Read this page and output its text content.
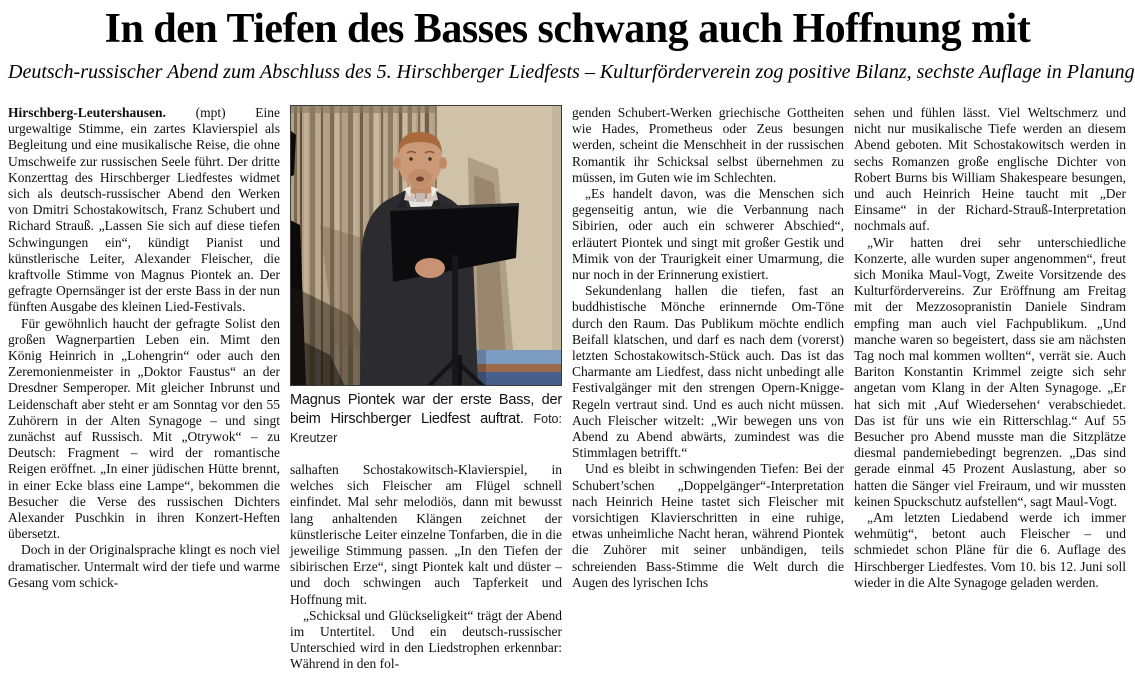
In den Tiefen des Basses schwang auch Hoffnung mit
Deutsch-russischer Abend zum Abschluss des 5. Hirschberger Liedfests – Kulturförderverein zog positive Bilanz, sechste Auflage in Planung

Hirschberg-Leutershausen. (mpt) Eine urgewaltige Stimme, ein zartes Klavierspiel als Begleitung und eine musikalische Reise, die ohne Umschweife zur russischen Seele führt. Der dritte Konzerttag des Hirschberger Liedfestes widmet sich als deutsch-russischer Abend den Werken von Dmitri Schostakowitsch, Franz Schubert und Richard Strauß. „Lassen Sie sich auf diese tiefen Schwingungen ein“, kündigt Pianist und künstlerische Leiter, Alexander Fleischer, die kraftvolle Stimme von Magnus Piontek an. Der gefragte Opernsänger ist der erste Bass in der nun fünften Ausgabe des kleinen Lied-Festivals.

Für gewöhnlich haucht der gefragte Solist den großen Wagnerpartien Leben ein. Mimt den König Heinrich in „Lohengrin“ oder auch den Zeremonienmeister in „Doktor Faustus“ an der Dresdner Semperoper. Mit gleicher Inbrunst und Leidenschaft aber steht er am Sonntag vor den 55 Zuhörern in der Alten Synagoge – und singt zunächst auf Russisch. Mit „Otrywok“ – zu Deutsch: Fragment – wird der romantische Reigen eröffnet. „In einer jüdischen Hütte brennt, in einer Ecke blass eine Lampe“, bekommen die Besucher die Verse des russischen Dichters Alexander Puschkin in ihren Konzert-Heften übersetzt.

Doch in der Originalsprache klingt es noch viel dramatischer. Untermalt wird der tiefe und warme Gesang vom schick-

Magnus Piontek war der erste Bass, der beim Hirschberger Liedfest auftrat. Foto: Kreutzer

salhaften Schostakowitsch-Klavierspiel, in welches sich Fleischer am Flügel schnell einfindet. Mal sehr melodiös, dann mit bewusst lang anhaltenden Klängen zeichnet der künstlerische Leiter einzelne Tonfarben, die in die jeweilige Stimmung passen. „In den Tiefen der sibirischen Erze“, singt Piontek kalt und düster – und doch schwingen auch Tapferkeit und Hoffnung mit.

„Schicksal und Glückseligkeit“ trägt der Abend im Untertitel. Und ein deutsch-russischer Unterschied wird in den Liedstrophen erkennbar: Während in den fol-

genden Schubert-Werken griechische Gottheiten wie Hades, Prometheus oder Zeus besungen werden, scheint die Menschheit in der russischen Romantik ihr Schicksal selbst übernehmen zu müssen, im Guten wie im Schlechten.

„Es handelt davon, was die Menschen sich gegenseitig antun, wie die Verbannung nach Sibirien, oder auch ein schwerer Abschied“, erläutert Piontek und singt mit großer Gestik und Mimik von der Traurigkeit einer Umarmung, die nur noch in der Erinnerung existiert.

Sekundenlang hallen die tiefen, fast an buddhistische Mönche erinnernde Om-Töne durch den Raum. Das Publikum möchte endlich Beifall klatschen, und darf es nach dem (vorerst) letzten Schostakowitsch-Stück auch. Das ist das Charmante am Liedfest, dass nicht unbedingt alle Festivalgänger mit den strengen Opern-Knigge-Regeln vertraut sind. Und es auch nicht müssen. Auch Fleischer witzelt: „Wir bewegen uns von Abend zu Abend abwärts, zumindest was die Stimmlagen betrifft.“

Und es bleibt in schwingenden Tiefen: Bei der Schubert’schen „Doppelgänger“-Interpretation nach Heinrich Heine tastet sich Fleischer mit vorsichtigen Klavierschritten in eine ruhige, etwas unheimliche Nacht heran, während Piontek die Zuhörer mit seiner unbändigen, teils schreienden Bass-Stimme die Welt durch die Augen des lyrischen Ichs

sehen und fühlen lässt. Viel Weltschmerz und nicht nur musikalische Tiefe werden an diesem Abend geboten. Mit Schostakowitsch werden in sechs Romanzen große englische Dichter von Robert Burns bis William Shakespeare besungen, und auch Heinrich Heine taucht mit „Der Einsame“ in der Richard-Strauß-Interpretation nochmals auf.

„Wir hatten drei sehr unterschiedliche Konzerte, alle wurden super angenommen“, freut sich Monika Maul-Vogt, Zweite Vorsitzende des Kulturfördervereins. Zur Eröffnung am Freitag mit der Mezzosopranistin Daniele Sindram empfing man auch viel Fachpublikum. „Und manche waren so begeistert, dass sie am nächsten Tag noch mal kommen wollten“, verrät sie. Auch Bariton Konstantin Krimmel zeigte sich sehr angetan vom Klang in der Alten Synagoge. „Er hat sich mit ‚Auf Wiedersehen‘ verabschiedet. Das ist für uns wie ein Ritterschlag.“ Auf 55 Besucher pro Abend musste man die Sitzplätze diesmal pandemiebedingt begrenzen. „Das sind gerade einmal 45 Prozent Auslastung, aber so hatten die Sänger viel Freiraum, und wir mussten keinen Spuckschutz aufstellen“, sagt Maul-Vogt.

„Am letzten Liedabend werde ich immer wehmütig“, betont auch Fleischer – und schmiedet schon Pläne für die 6. Auflage des Hirschberger Liedfestes. Vom 10. bis 12. Juni soll wieder in die Alte Synagoge geladen werden.
